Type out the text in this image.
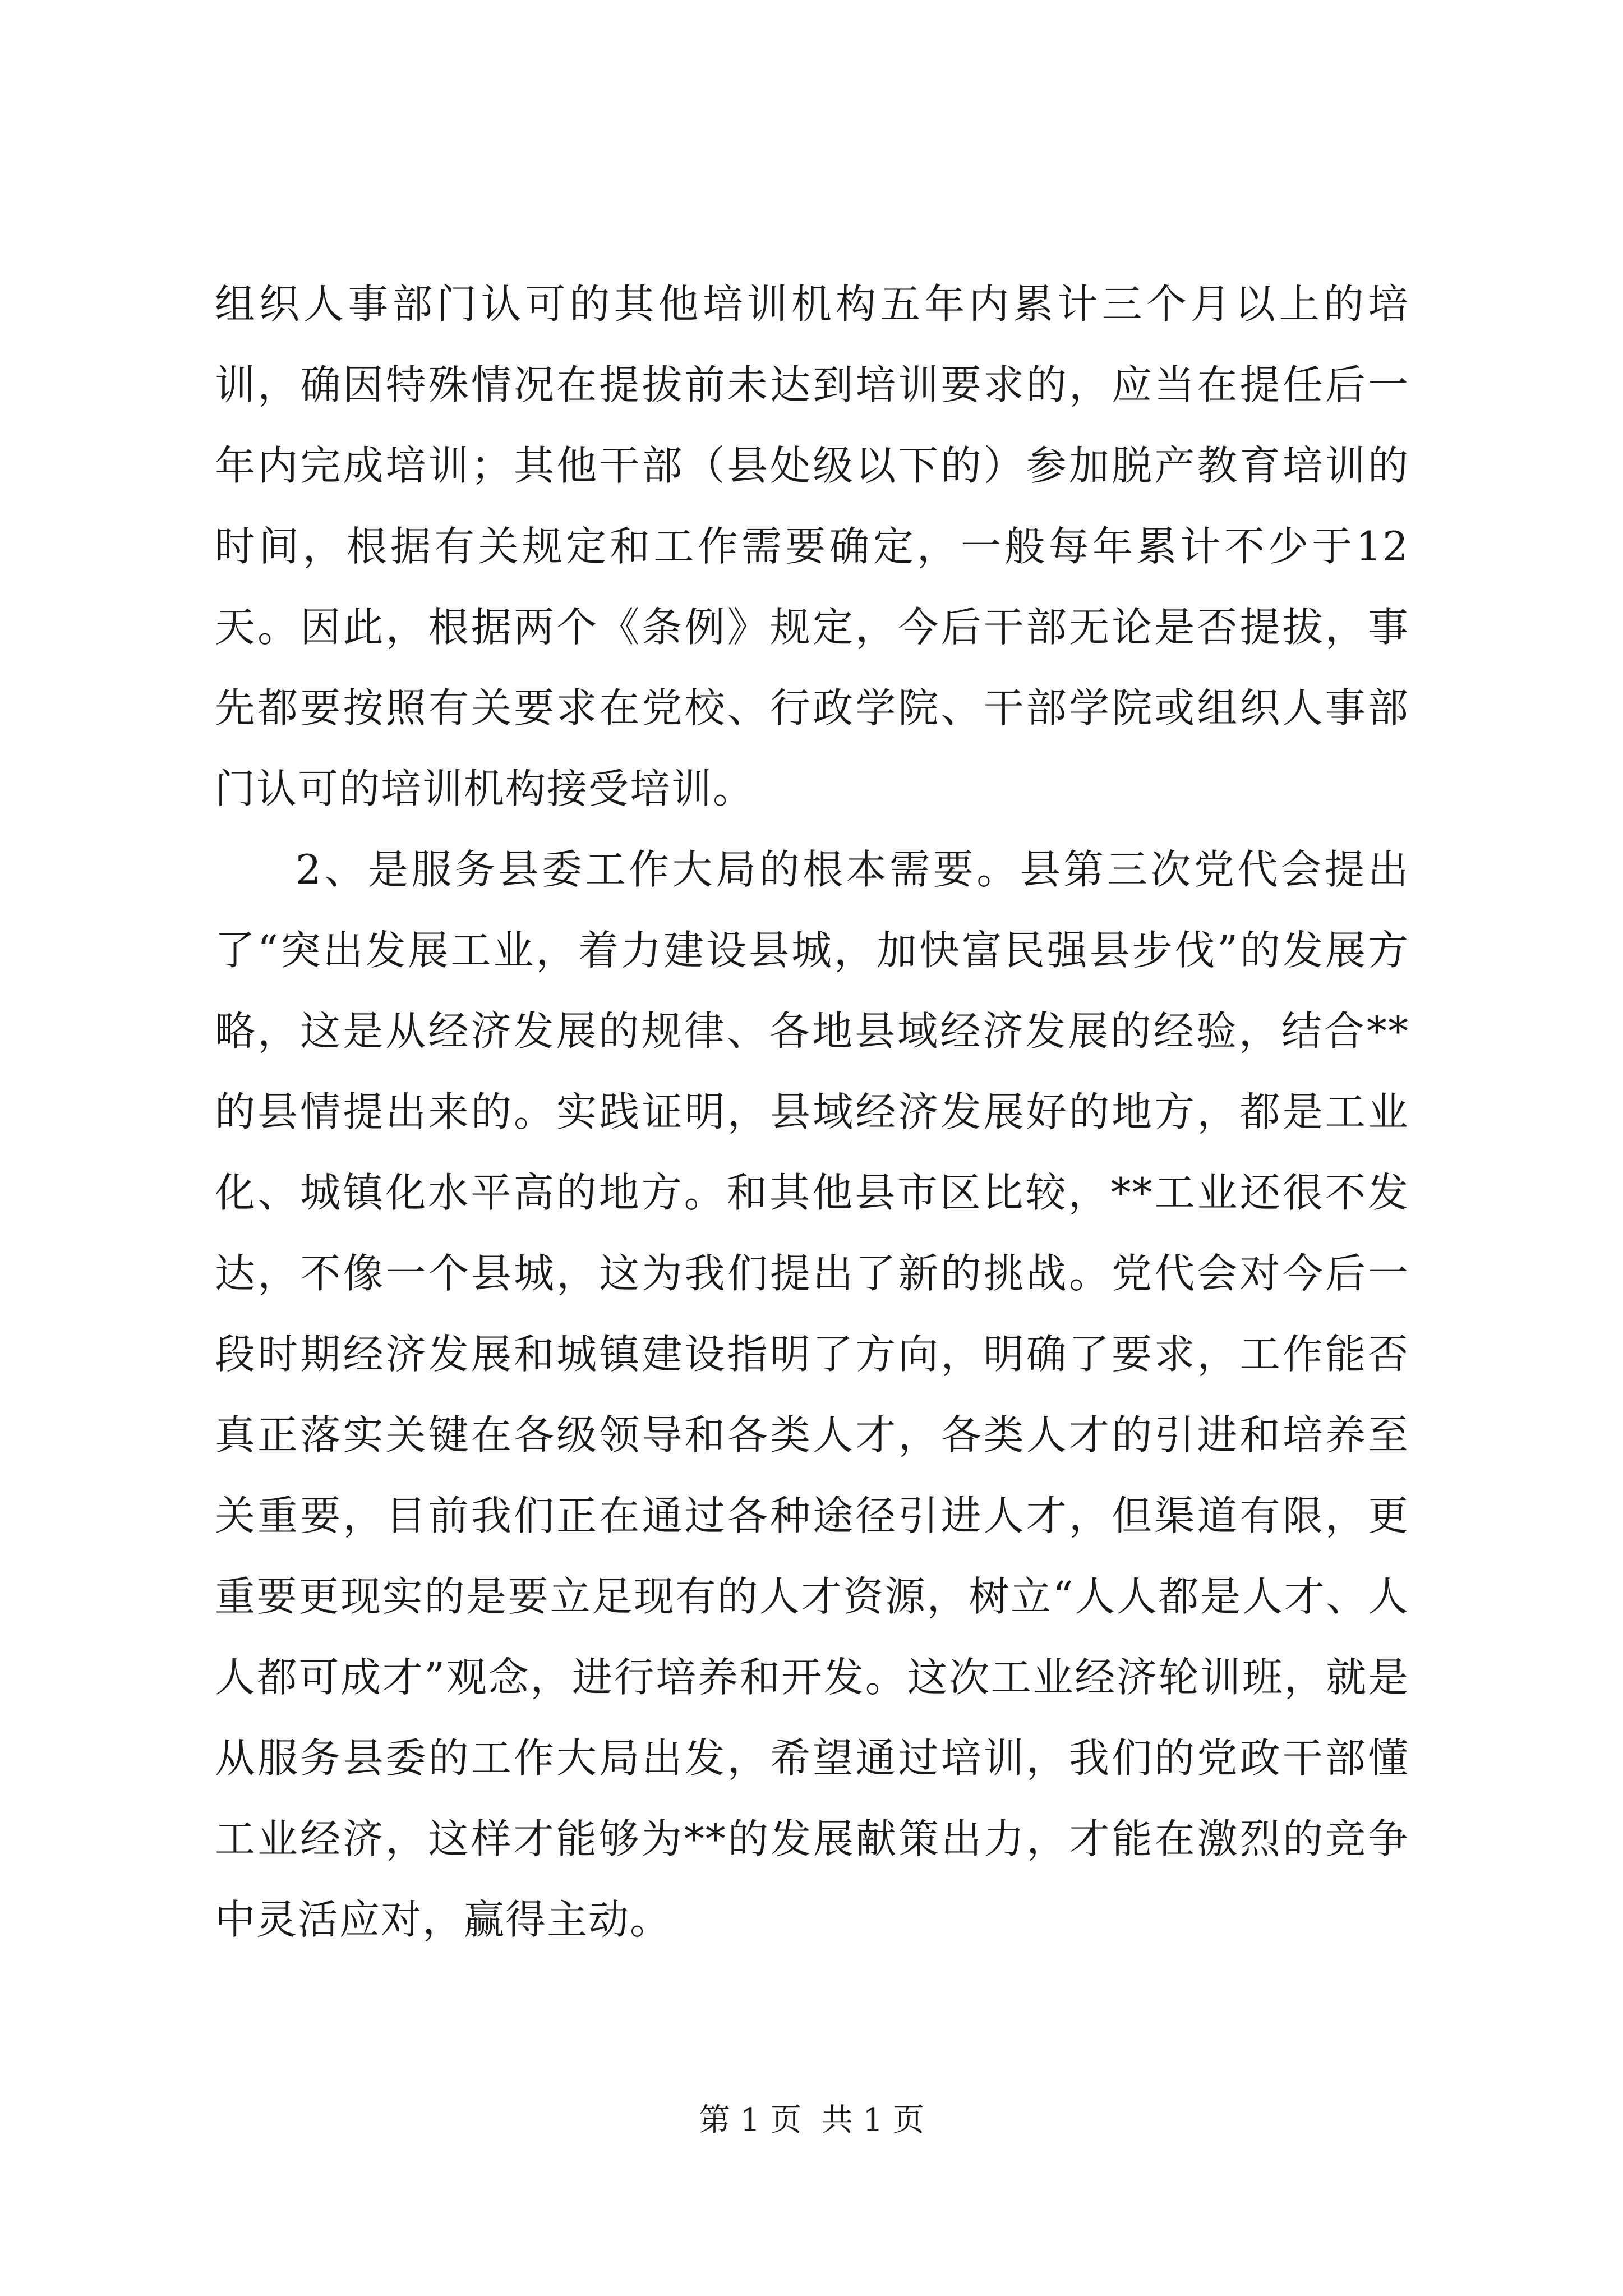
组织人事部门认可的其他培训机构五年内累计三个月以上的培训，确因特殊情况在提拔前未达到培训要求的，应当在提任后一年内完成培训；其他干部（县处级以下的）参加脱产教育培训的时间，根据有关规定和工作需要确定，一般每年累计不少于12天。因此，根据两个《条例》规定，今后干部无论是否提拔，事先都要按照有关要求在党校、行政学院、干部学院或组织人事部门认可的培训机构接受培训。

2、是服务县委工作大局的根本需要。县第三次党代会提出了“突出发展工业，着力建设县城，加快富民强县步伐”的发展方略，这是从经济发展的规律、各地县域经济发展的经验，结合**的县情提出来的。实践证明，县域经济发展好的地方，都是工业化、城镇化水平高的地方。和其他县市区比较，**工业还很不发达，不像一个县城，这为我们提出了新的挑战。党代会对今后一段时期经济发展和城镇建设指明了方向，明确了要求，工作能否真正落实关键在各级领导和各类人才，各类人才的引进和培养至关重要，目前我们正在通过各种途径引进人才，但渠道有限，更重要更现实的是要立足现有的人才资源，树立“人人都是人才、人人都可成才”观念，进行培养和开发。这次工业经济轮训班，就是从服务县委的工作大局出发，希望通过培训，我们的党政干部懂工业经济，这样才能够为**的发展献策出力，才能在激烈的竞争中灵活应对，赢得主动。

第 1 页  共 1 页
